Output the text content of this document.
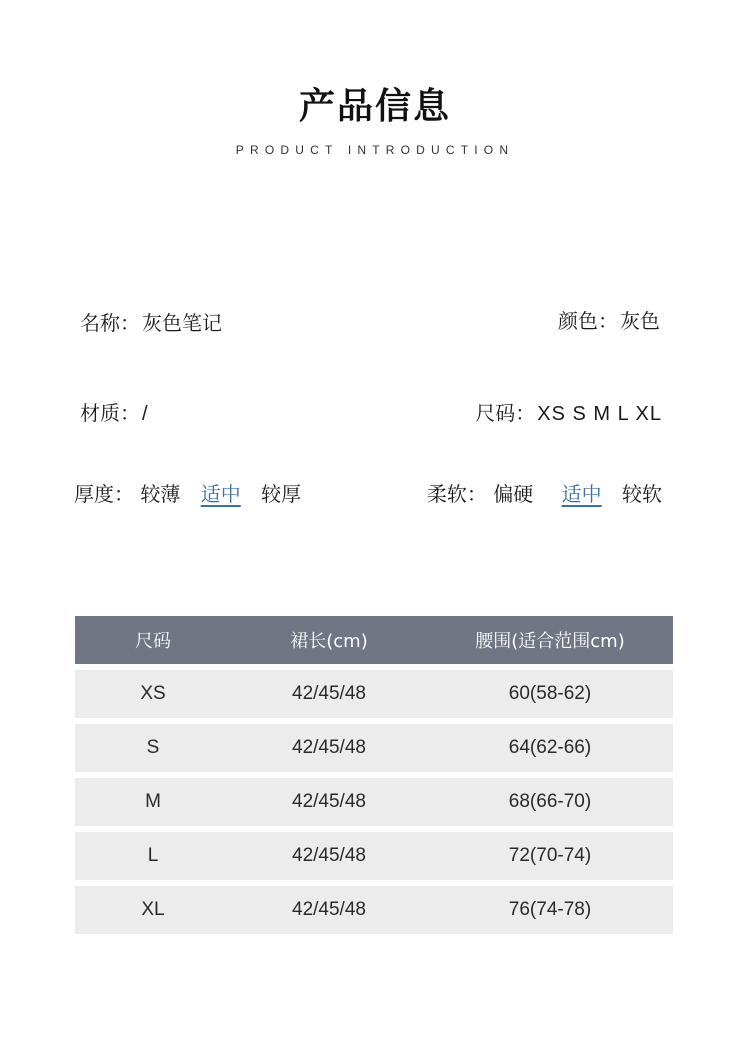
产品信息
PRODUCT INTRODUCTION
名称： 灰色笔记	颜色： 灰色
材质： /	尺码： XS S M L XL
厚度： 较薄 适中 较厚	柔软： 偏硬 适中 较软
尺码	裙长(cm)	腰围(适合范围cm)
XS	42/45/48	60(58-62)
S	42/45/48	64(62-66)
M	42/45/48	68(66-70)
L	42/45/48	72(70-74)
XL	42/45/48	76(74-78)
